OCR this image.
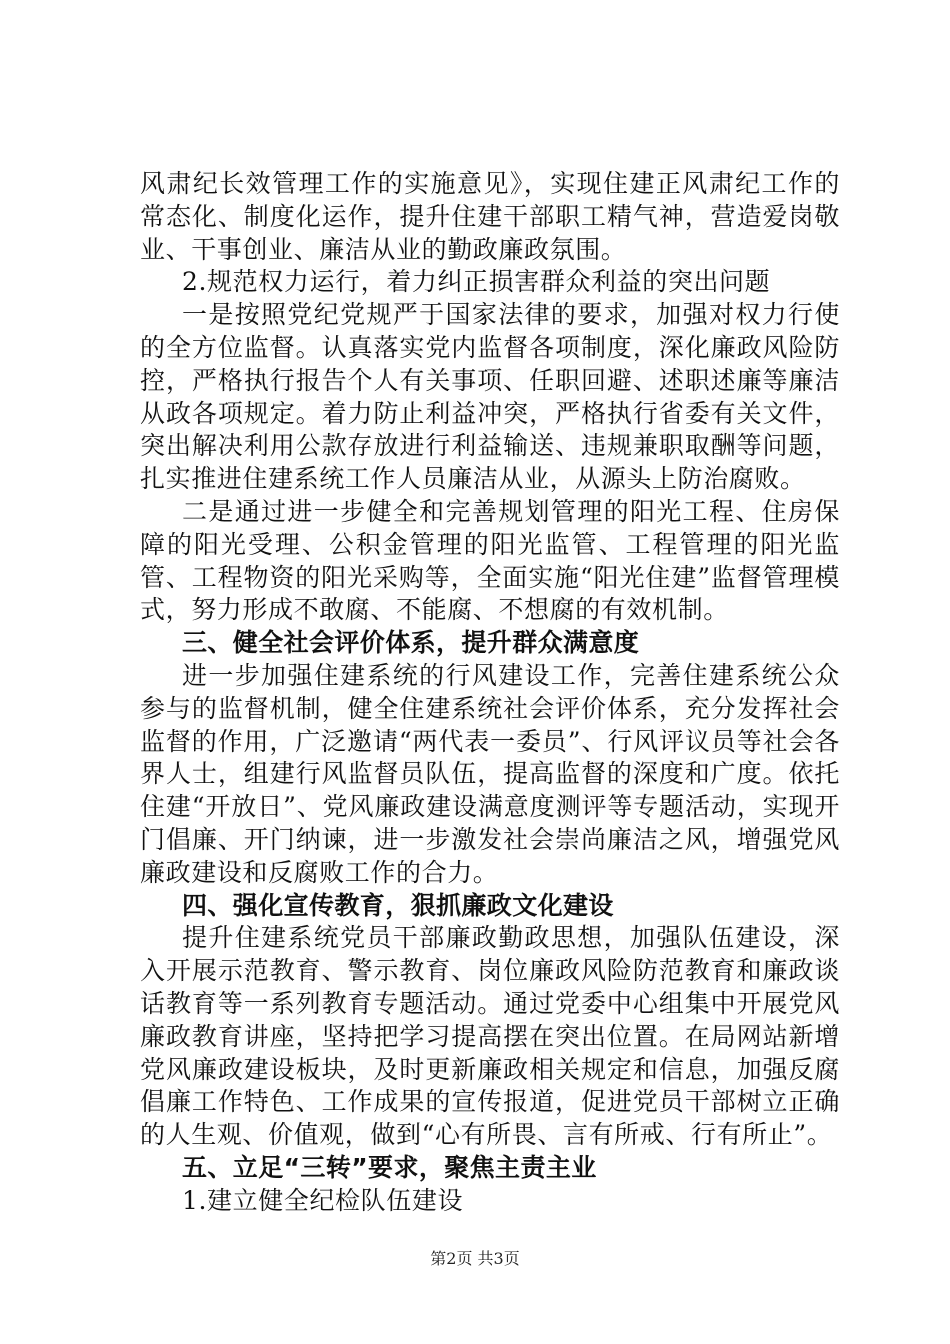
风肃纪长效管理工作的实施意见》，实现住建正风肃纪工作的常态化、制度化运作，提升住建干部职工精气神，营造爱岗敬业、干事创业、廉洁从业的勤政廉政氛围。

2.规范权力运行，着力纠正损害群众利益的突出问题

一是按照党纪党规严于国家法律的要求，加强对权力行使的全方位监督。认真落实党内监督各项制度，深化廉政风险防控，严格执行报告个人有关事项、任职回避、述职述廉等廉洁从政各项规定。着力防止利益冲突，严格执行省委有关文件，突出解决利用公款存放进行利益输送、违规兼职取酬等问题，扎实推进住建系统工作人员廉洁从业，从源头上防治腐败。

二是通过进一步健全和完善规划管理的阳光工程、住房保障的阳光受理、公积金管理的阳光监管、工程管理的阳光监管、工程物资的阳光采购等，全面实施“阳光住建”监督管理模式，努力形成不敢腐、不能腐、不想腐的有效机制。

三、健全社会评价体系，提升群众满意度

进一步加强住建系统的行风建设工作，完善住建系统公众参与的监督机制，健全住建系统社会评价体系，充分发挥社会监督的作用，广泛邀请“两代表一委员”、行风评议员等社会各界人士，组建行风监督员队伍，提高监督的深度和广度。依托住建“开放日”、党风廉政建设满意度测评等专题活动，实现开门倡廉、开门纳谏，进一步激发社会崇尚廉洁之风，增强党风廉政建设和反腐败工作的合力。

四、强化宣传教育，狠抓廉政文化建设

提升住建系统党员干部廉政勤政思想，加强队伍建设，深入开展示范教育、警示教育、岗位廉政风险防范教育和廉政谈话教育等一系列教育专题活动。通过党委中心组集中开展党风廉政教育讲座，坚持把学习提高摆在突出位置。在局网站新增党风廉政建设板块，及时更新廉政相关规定和信息，加强反腐倡廉工作特色、工作成果的宣传报道，促进党员干部树立正确的人生观、价值观，做到“心有所畏、言有所戒、行有所止”。

五、立足“三转”要求，聚焦主责主业

1.建立健全纪检队伍建设

第2页 共3页
